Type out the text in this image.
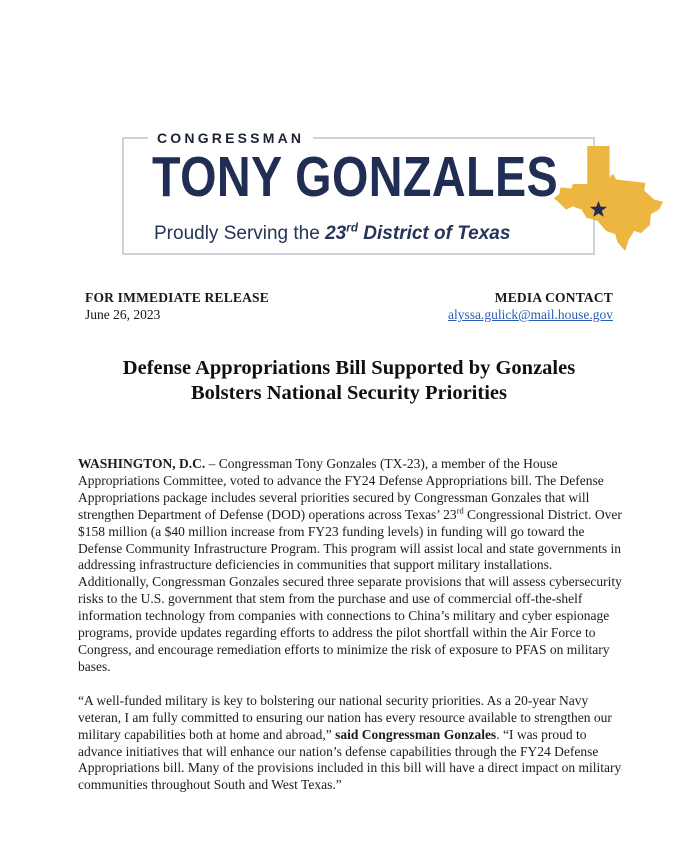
CONGRESSMAN
TONY GONZALES
Proudly Serving the 23rd District of Texas
FOR IMMEDIATE RELEASE
June 26, 2023
MEDIA CONTACT
alyssa.gulick@mail.house.gov
Defense Appropriations Bill Supported by Gonzales Bolsters National Security Priorities

WASHINGTON, D.C. – Congressman Tony Gonzales (TX-23), a member of the House Appropriations Committee, voted to advance the FY24 Defense Appropriations bill. The Defense Appropriations package includes several priorities secured by Congressman Gonzales that will strengthen Department of Defense (DOD) operations across Texas’ 23rd Congressional District. Over $158 million (a $40 million increase from FY23 funding levels) in funding will go toward the Defense Community Infrastructure Program. This program will assist local and state governments in addressing infrastructure deficiencies in communities that support military installations. Additionally, Congressman Gonzales secured three separate provisions that will assess cybersecurity risks to the U.S. government that stem from the purchase and use of commercial off-the-shelf information technology from companies with connections to China’s military and cyber espionage programs, provide updates regarding efforts to address the pilot shortfall within the Air Force to Congress, and encourage remediation efforts to minimize the risk of exposure to PFAS on military bases.

“A well-funded military is key to bolstering our national security priorities. As a 20-year Navy veteran, I am fully committed to ensuring our nation has every resource available to strengthen our military capabilities both at home and abroad,” said Congressman Gonzales. “I was proud to advance initiatives that will enhance our nation’s defense capabilities through the FY24 Defense Appropriations bill. Many of the provisions included in this bill will have a direct impact on military communities throughout South and West Texas.”
